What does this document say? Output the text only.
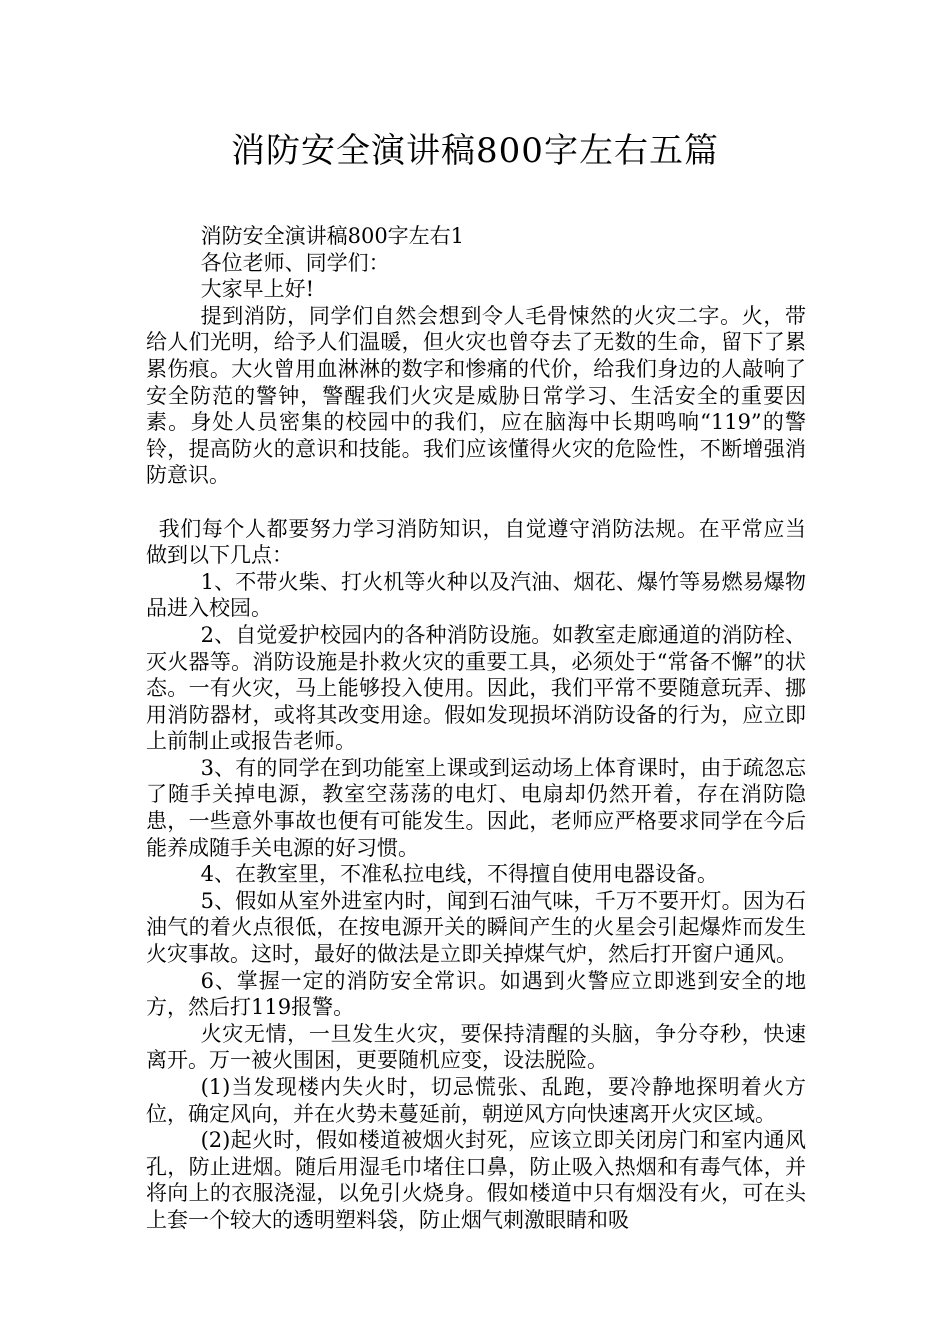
消防安全演讲稿800字左右五篇

消防安全演讲稿800字左右1

各位老师、同学们：

大家早上好!

提到消防，同学们自然会想到令人毛骨悚然的火灾二字。火，带给人们光明，给予人们温暖，但火灾也曾夺去了无数的生命，留下了累累伤痕。大火曾用血淋淋的数字和惨痛的代价，给我们身边的人敲响了安全防范的警钟，警醒我们火灾是威胁日常学习、生活安全的重要因素。身处人员密集的校园中的我们，应在脑海中长期鸣响“119”的警铃，提高防火的意识和技能。我们应该懂得火灾的危险性，不断增强消防意识。

我们每个人都要努力学习消防知识，自觉遵守消防法规。在平常应当做到以下几点：

1、不带火柴、打火机等火种以及汽油、烟花、爆竹等易燃易爆物品进入校园。

2、自觉爱护校园内的各种消防设施。如教室走廊通道的消防栓、灭火器等。消防设施是扑救火灾的重要工具，必须处于“常备不懈”的状态。一有火灾，马上能够投入使用。因此，我们平常不要随意玩弄、挪用消防器材，或将其改变用途。假如发现损坏消防设备的行为，应立即上前制止或报告老师。

3、有的同学在到功能室上课或到运动场上体育课时，由于疏忽忘了随手关掉电源，教室空荡荡的电灯、电扇却仍然开着，存在消防隐患，一些意外事故也便有可能发生。因此，老师应严格要求同学在今后能养成随手关电源的好习惯。

4、在教室里，不准私拉电线，不得擅自使用电器设备。

5、假如从室外进室内时，闻到石油气味，千万不要开灯。因为石油气的着火点很低，在按电源开关的瞬间产生的火星会引起爆炸而发生火灾事故。这时，最好的做法是立即关掉煤气炉，然后打开窗户通风。

6、掌握一定的消防安全常识。如遇到火警应立即逃到安全的地方，然后打119报警。

火灾无情，一旦发生火灾，要保持清醒的头脑，争分夺秒，快速离开。万一被火围困，更要随机应变，设法脱险。

(1)当发现楼内失火时，切忌慌张、乱跑，要冷静地探明着火方位，确定风向，并在火势未蔓延前，朝逆风方向快速离开火灾区域。

(2)起火时，假如楼道被烟火封死，应该立即关闭房门和室内通风孔，防止进烟。随后用湿毛巾堵住口鼻，防止吸入热烟和有毒气体，并将向上的衣服浇湿，以免引火烧身。假如楼道中只有烟没有火，可在头上套一个较大的透明塑料袋，防止烟气刺激眼睛和吸
